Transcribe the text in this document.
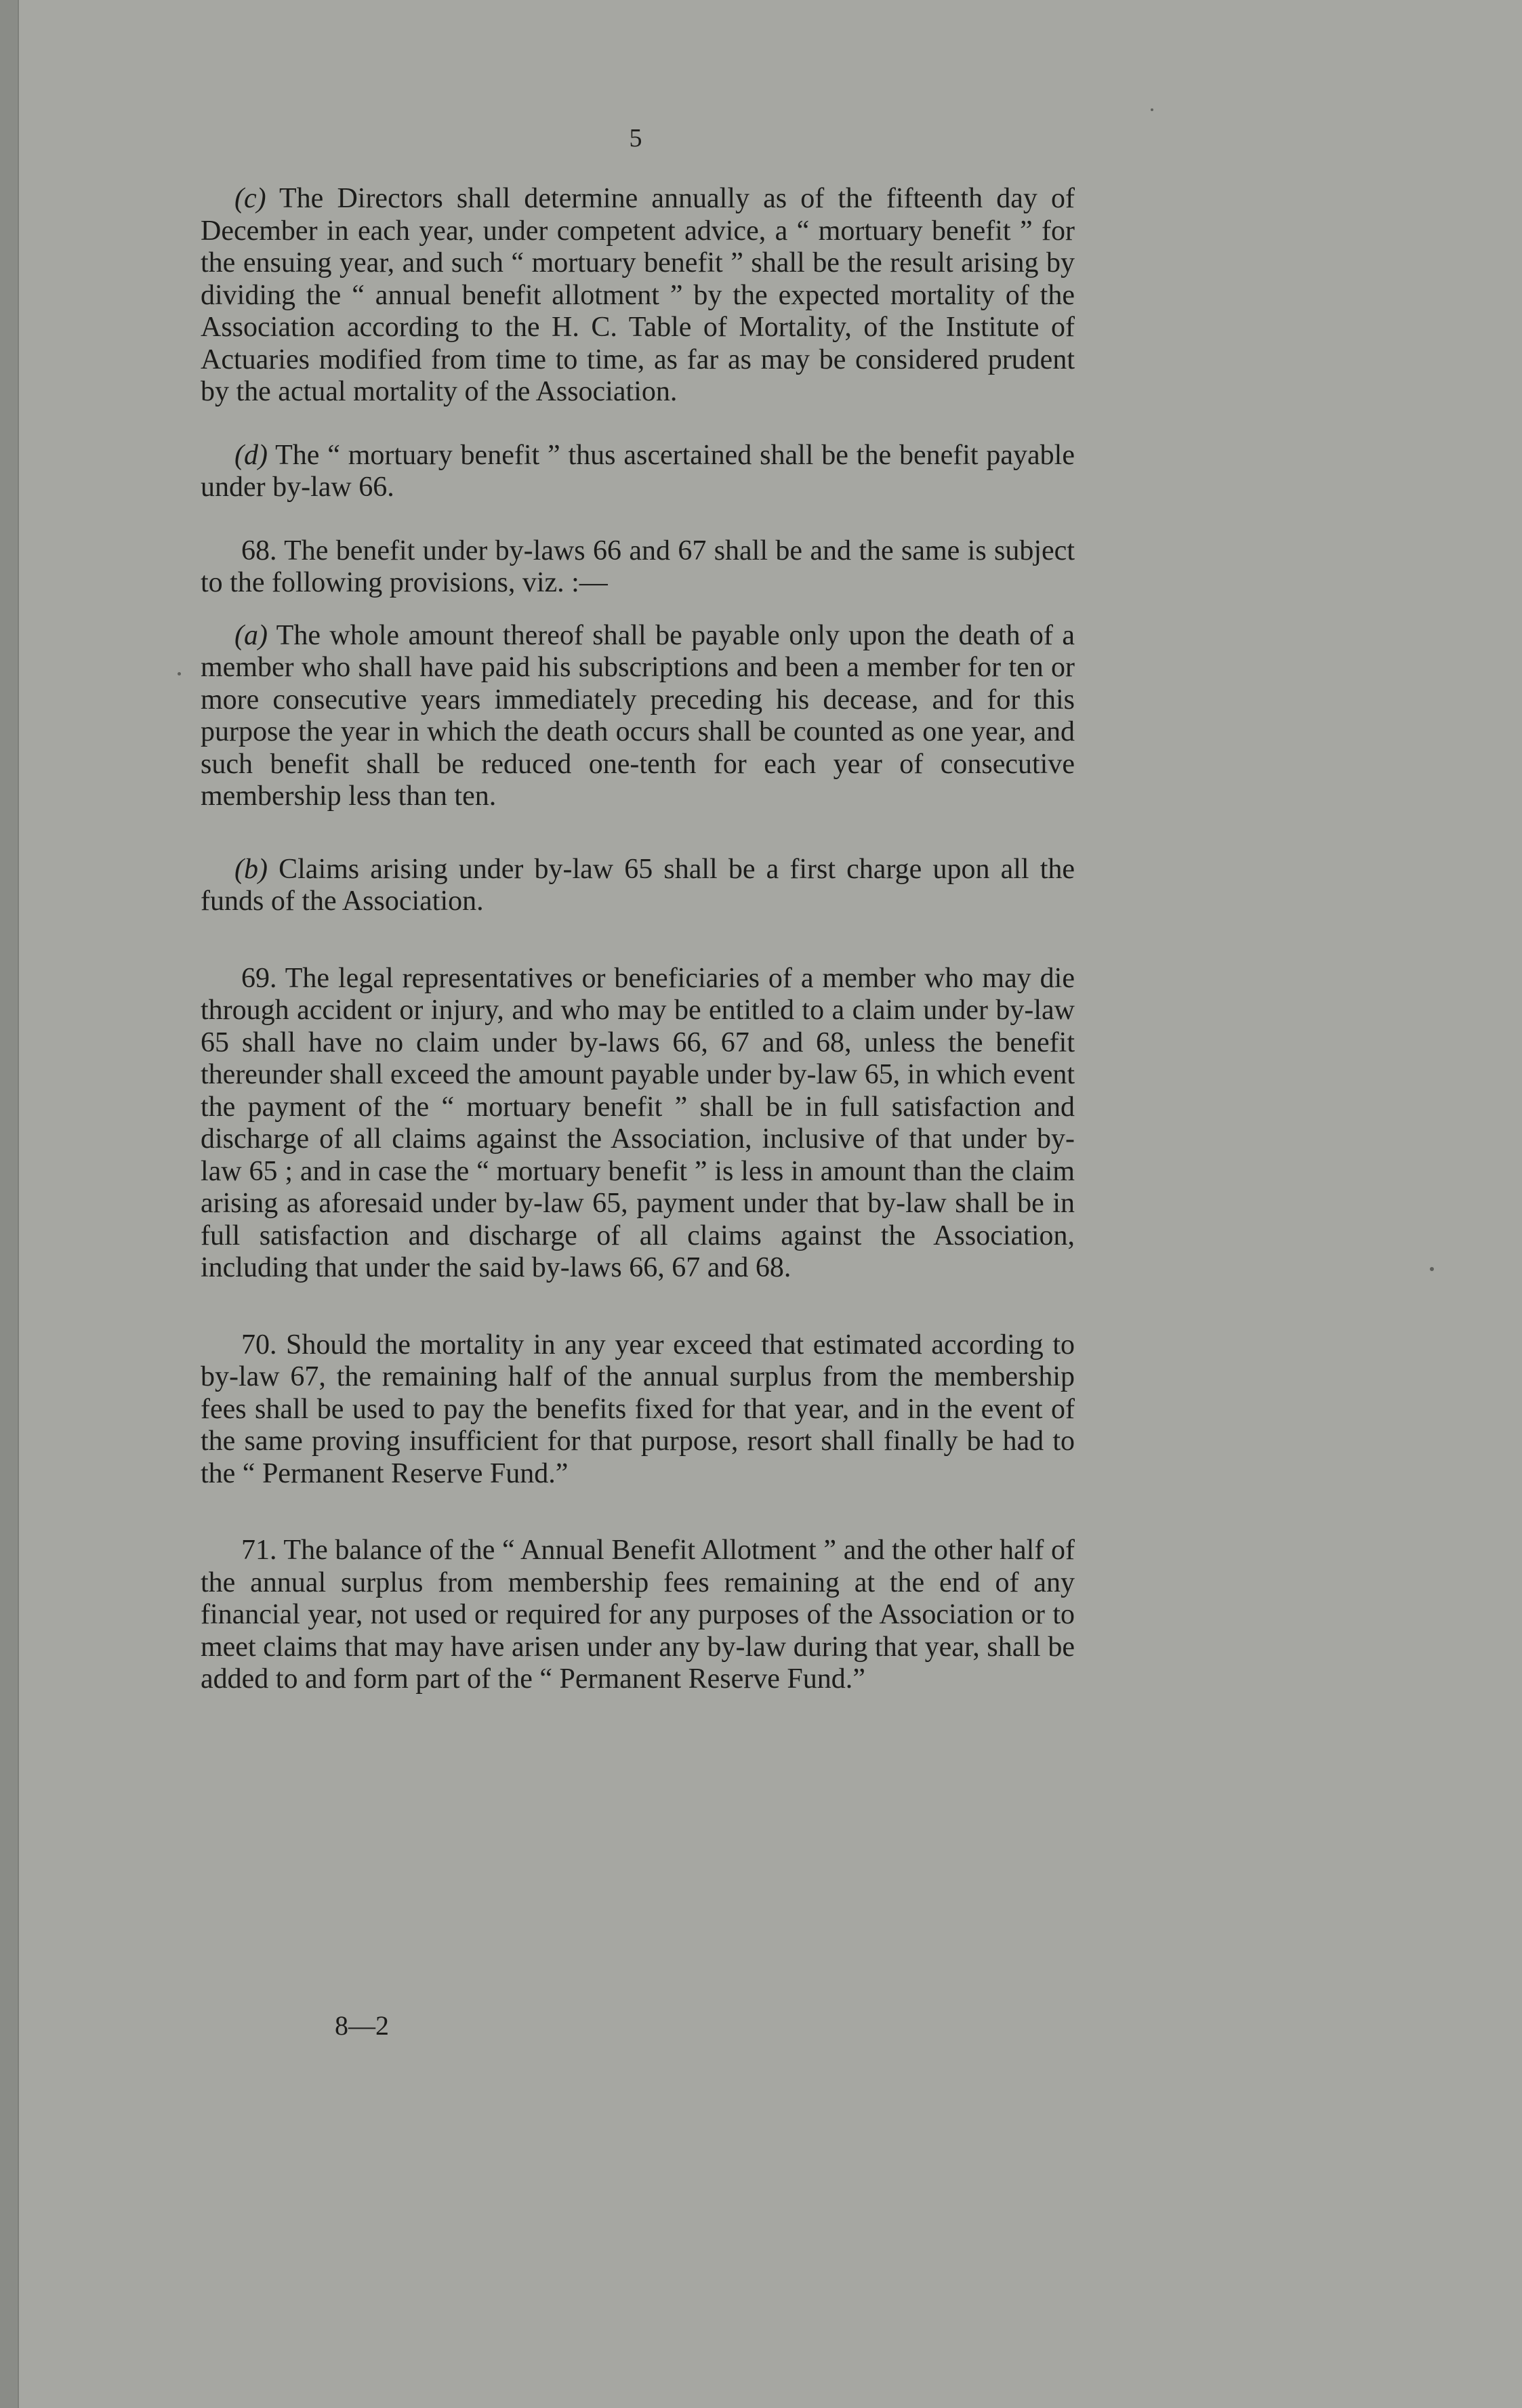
5

(c) The Directors shall determine annually as of the fifteenth day of December in each year, under competent advice, a “ mortuary benefit ” for the ensuing year, and such “ mortuary benefit ” shall be the result arising by dividing the “ annual benefit allotment ” by the expected mortality of the Association according to the H. C. Table of Mortality, of the Institute of Actuaries modified from time to time, as far as may be considered prudent by the actual mortality of the Association.

(d) The “ mortuary benefit ” thus ascertained shall be the benefit payable under by-law 66.

68. The benefit under by-laws 66 and 67 shall be and the same is subject to the following provisions, viz. :—

(a) The whole amount thereof shall be payable only upon the death of a member who shall have paid his subscriptions and been a member for ten or more consecutive years immediately preceding his decease, and for this purpose the year in which the death occurs shall be counted as one year, and such benefit shall be reduced one-tenth for each year of consecutive membership less than ten.

(b) Claims arising under by-law 65 shall be a first charge upon all the funds of the Association.

69. The legal representatives or beneficiaries of a member who may die through accident or injury, and who may be entitled to a claim under by-law 65 shall have no claim under by-laws 66, 67 and 68, unless the benefit thereunder shall exceed the amount payable under by-law 65, in which event the payment of the “ mortuary benefit ” shall be in full satisfaction and discharge of all claims against the Association, inclusive of that under by-law 65 ; and in case the “ mortuary benefit ” is less in amount than the claim arising as aforesaid under by-law 65, payment under that by-law shall be in full satisfaction and discharge of all claims against the Association, including that under the said by-laws 66, 67 and 68.

70. Should the mortality in any year exceed that estimated according to by-law 67, the remaining half of the annual surplus from the membership fees shall be used to pay the benefits fixed for that year, and in the event of the same proving insufficient for that purpose, resort shall finally be had to the “ Permanent Reserve Fund.”

71. The balance of the “ Annual Benefit Allotment ” and the other half of the annual surplus from membership fees remaining at the end of any financial year, not used or required for any purposes of the Association or to meet claims that may have arisen under any by-law during that year, shall be added to and form part of the “ Permanent Reserve Fund.”

8—2
